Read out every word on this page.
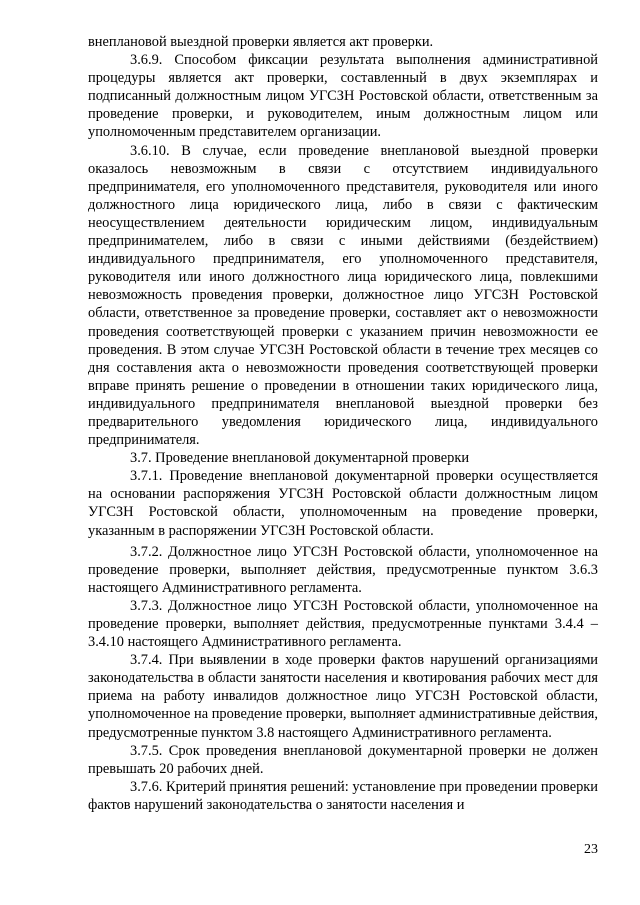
внеплановой выездной проверки является акт проверки.

3.6.9. Способом фиксации результата выполнения административной процедуры является акт проверки, составленный в двух экземплярах и подписанный должностным лицом УГСЗН Ростовской области, ответственным за проведение проверки, и руководителем, иным должностным лицом или уполномоченным представителем организации.

3.6.10. В случае, если проведение внеплановой выездной проверки оказалось невозможным в связи с отсутствием индивидуального предпринимателя, его уполномоченного представителя, руководителя или иного должностного лица юридического лица, либо в связи с фактическим неосуществлением деятельности юридическим лицом, индивидуальным предпринимателем, либо в связи с иными действиями (бездействием) индивидуального предпринимателя, его уполномоченного представителя, руководителя или иного должностного лица юридического лица, повлекшими невозможность проведения проверки, должностное лицо УГСЗН Ростовской области, ответственное за проведение проверки, составляет акт о невозможности проведения соответствующей проверки с указанием причин невозможности ее проведения. В этом случае УГСЗН Ростовской области в течение трех месяцев со дня составления акта о невозможности проведения соответствующей проверки вправе принять решение о проведении в отношении таких юридического лица, индивидуального предпринимателя внеплановой выездной проверки без предварительного уведомления юридического лица, индивидуального предпринимателя.

3.7. Проведение внеплановой документарной проверки

3.7.1. Проведение внеплановой документарной проверки осуществляется на основании распоряжения УГСЗН Ростовской области должностным лицом УГСЗН Ростовской области, уполномоченным на проведение проверки, указанным в распоряжении УГСЗН Ростовской области.

3.7.2. Должностное лицо УГСЗН Ростовской области, уполномоченное на проведение проверки, выполняет действия, предусмотренные пунктом 3.6.3 настоящего Административного регламента.

3.7.3. Должностное лицо УГСЗН Ростовской области, уполномоченное на проведение проверки, выполняет действия, предусмотренные пунктами 3.4.4 – 3.4.10 настоящего Административного регламента.

3.7.4. При выявлении в ходе проверки фактов нарушений организациями законодательства в области занятости населения и квотирования рабочих мест для приема на работу инвалидов должностное лицо УГСЗН Ростовской области, уполномоченное на проведение проверки, выполняет административные действия, предусмотренные пунктом 3.8 настоящего Административного регламента.

3.7.5. Срок проведения внеплановой документарной проверки не должен превышать 20 рабочих дней.

3.7.6. Критерий принятия решений: установление при проведении проверки фактов нарушений законодательства о занятости населения и

23
